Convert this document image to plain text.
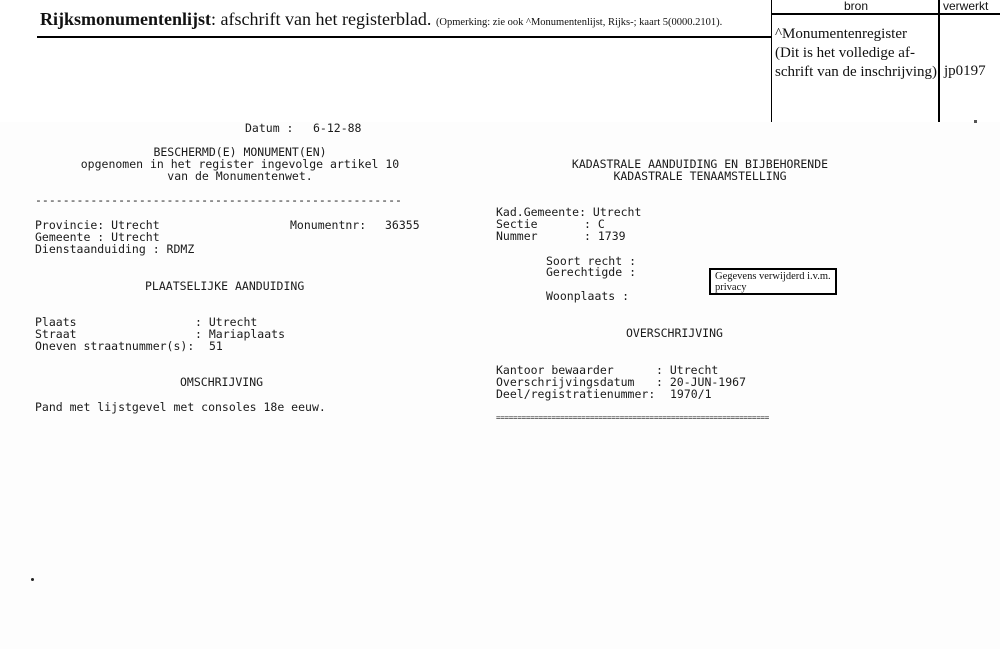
Rijksmonumentenlijst: afschrift van het registerblad. (Opmerking: zie ook ^Monumentenlijst, Rijks-; kaart 5(0000.2101).
bron	verwerkt
^Monumentenregister
(Dit is het volledige af-
schrift van de inschrijving) jp0197
Datum : 6-12-88
BESCHERMD(E) MONUMENT(EN)
opgenomen in het register ingevolge artikel 10
van de Monumentenwet.
-----------------------------------------------------
Provincie: Utrecht	Monumentnr: 36355
Gemeente : Utrecht
Dienstaanduiding : RDMZ
PLAATSELIJKE AANDUIDING
Plaats	: Utrecht
Straat	: Mariaplaats
Oneven straatnummer(s): 51
OMSCHRIJVING
Pand met lijstgevel met consoles 18e eeuw.
KADASTRALE AANDUIDING EN BIJBEHORENDE
KADASTRALE TENAAMSTELLING
Kad.Gemeente: Utrecht
Sectie	: C
Nummer	: 1739
Soort recht :
Gerechtigde :
Woonplaats :
Gegevens verwijderd i.v.m. privacy
OVERSCHRIJVING
Kantoor bewaarder	: Utrecht
Overschrijvingsdatum : 20-JUN-1967
Deel/registratienummer: 1970/1
================================================================
